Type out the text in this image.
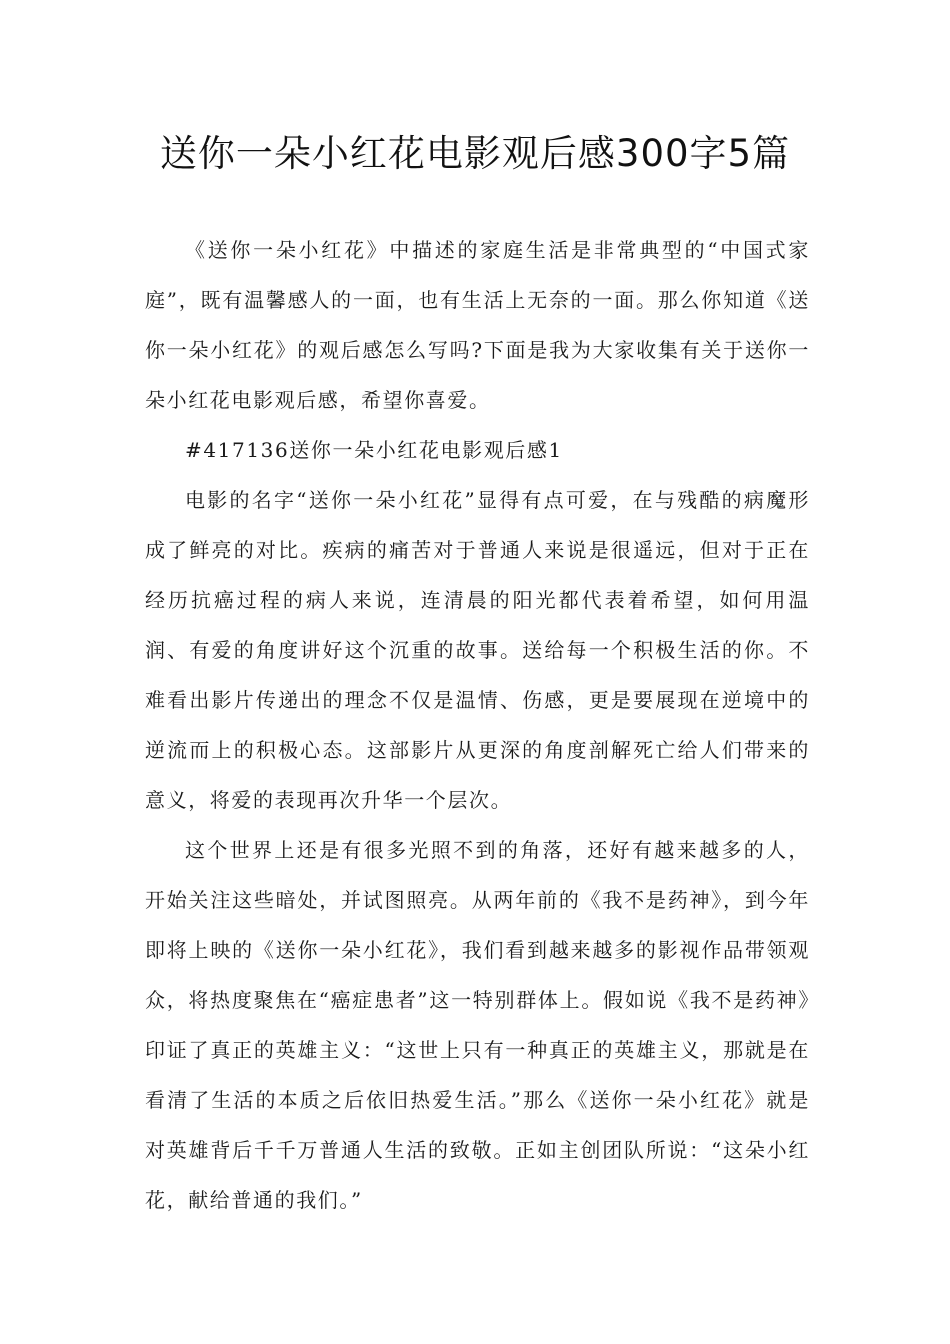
送你一朵小红花电影观后感300字5篇

《送你一朵小红花》中描述的家庭生活是非常典型的“中国式家庭”，既有温馨感人的一面，也有生活上无奈的一面。那么你知道《送你一朵小红花》的观后感怎么写吗?下面是我为大家收集有关于送你一朵小红花电影观后感，希望你喜爱。

#417136送你一朵小红花电影观后感1

电影的名字“送你一朵小红花”显得有点可爱，在与残酷的病魔形成了鲜亮的对比。疾病的痛苦对于普通人来说是很遥远，但对于正在经历抗癌过程的病人来说，连清晨的阳光都代表着希望，如何用温润、有爱的角度讲好这个沉重的故事。送给每一个积极生活的你。不难看出影片传递出的理念不仅是温情、伤感，更是要展现在逆境中的逆流而上的积极心态。这部影片从更深的角度剖解死亡给人们带来的意义，将爱的表现再次升华一个层次。

这个世界上还是有很多光照不到的角落，还好有越来越多的人，开始关注这些暗处，并试图照亮。从两年前的《我不是药神》，到今年即将上映的《送你一朵小红花》，我们看到越来越多的影视作品带领观众，将热度聚焦在“癌症患者”这一特别群体上。假如说《我不是药神》印证了真正的英雄主义：“这世上只有一种真正的英雄主义，那就是在看清了生活的本质之后依旧热爱生活。”那么《送你一朵小红花》就是对英雄背后千千万普通人生活的致敬。正如主创团队所说：“这朵小红花，献给普通的我们。”
